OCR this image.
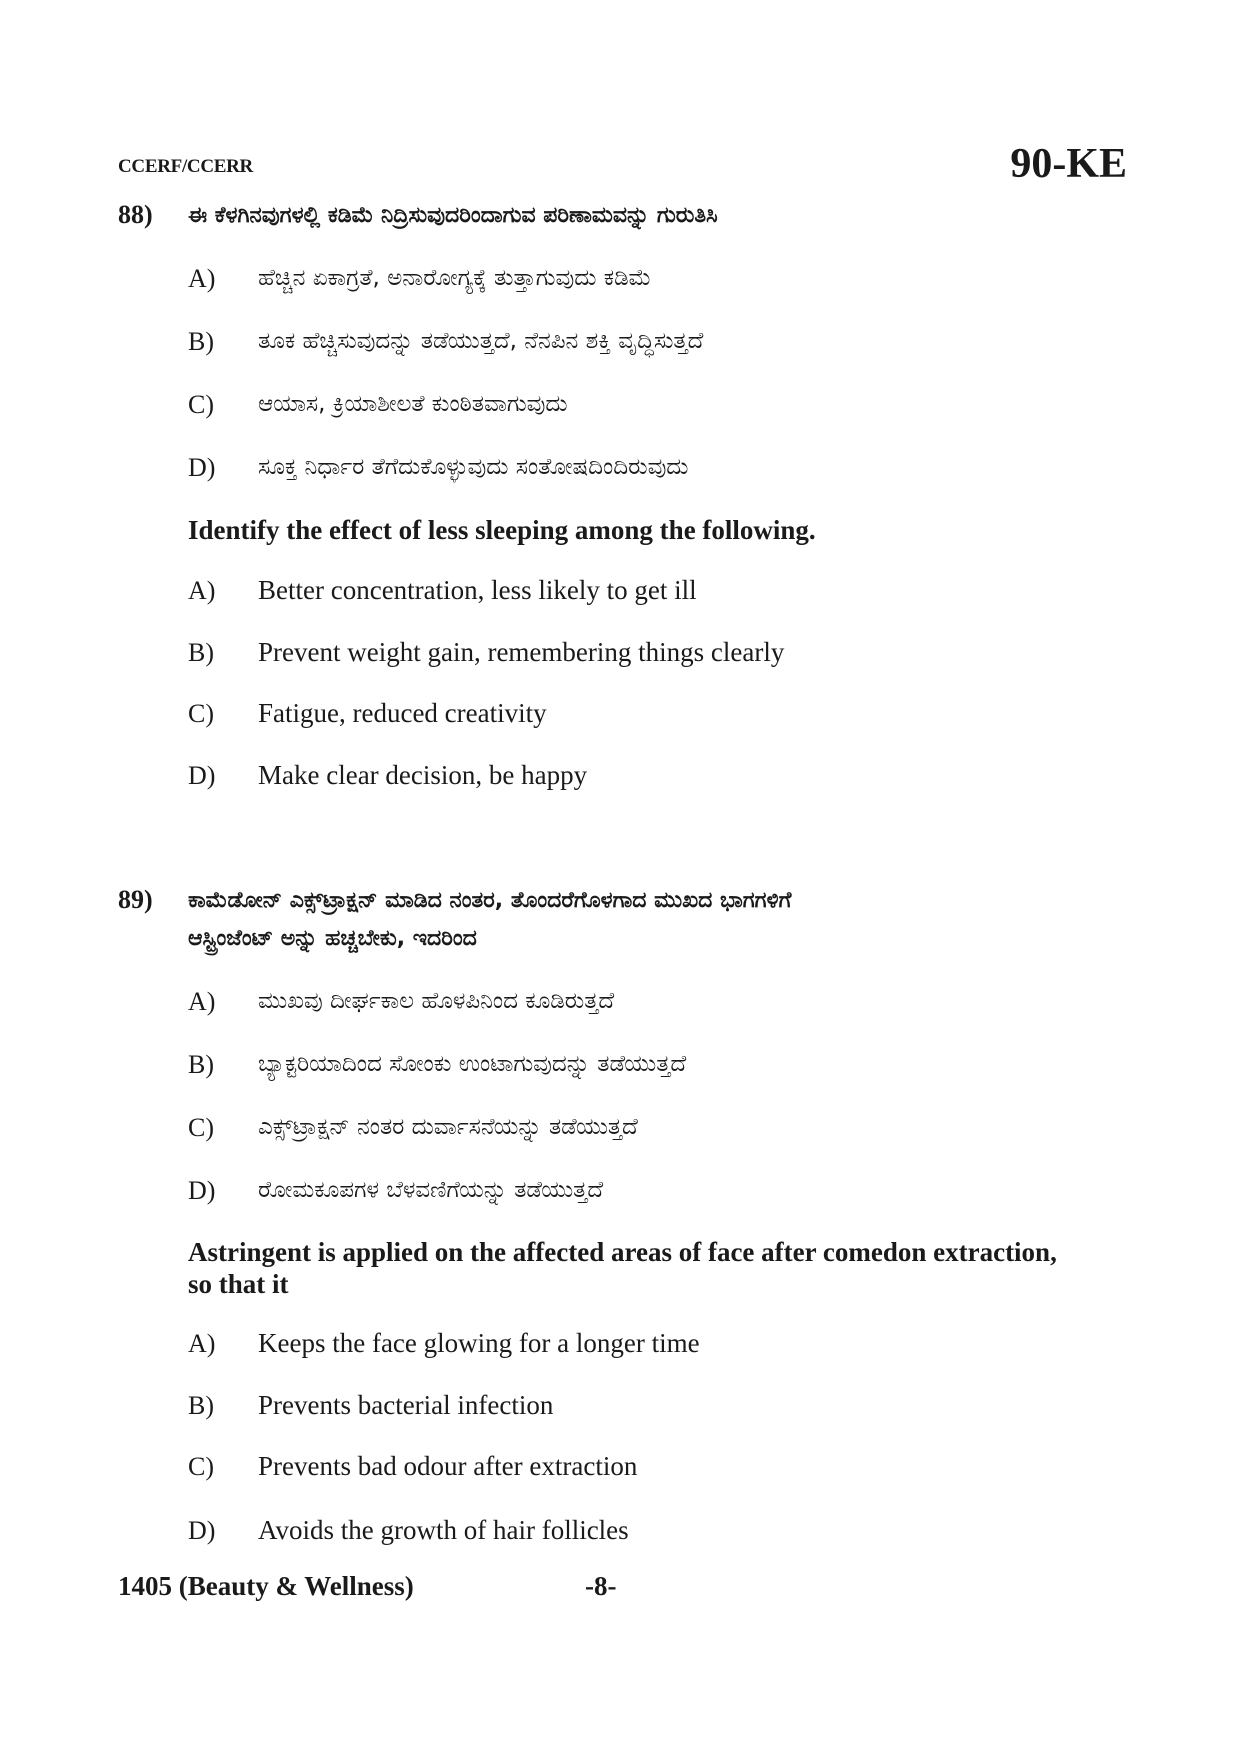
CCERF/CCERR	90-KE
88) ಈ ಕೆಳಗಿನವುಗಳಲ್ಲಿ ಕಡಿಮೆ ನಿದ್ರಿಸುವುದರಿಂದಾಗುವ ಪರಿಣಾಮವನ್ನು ಗುರುತಿಸಿ
A) ಹೆಚ್ಚಿನ ಏಕಾಗ್ರತೆ, ಅನಾರೋಗ್ಯಕ್ಕೆ ತುತ್ತಾಗುವುದು ಕಡಿಮೆ
B) ತೂಕ ಹೆಚ್ಚಿಸುವುದನ್ನು ತಡೆಯುತ್ತದೆ, ನೆನಪಿನ ಶಕ್ತಿ ವೃದ್ಧಿಸುತ್ತದೆ
C) ಆಯಾಸ, ಕ್ರಿಯಾಶೀಲತೆ ಕುಂಠಿತವಾಗುವುದು
D) ಸೂಕ್ತ ನಿರ್ಧಾರ ತೆಗೆದುಕೊಳ್ಳುವುದು ಸಂತೋಷದಿಂದಿರುವುದು
Identify the effect of less sleeping among the following.
A) Better concentration, less likely to get ill
B) Prevent weight gain, remembering things clearly
C) Fatigue, reduced creativity
D) Make clear decision, be happy
89) ಕಾಮೆಡೋನ್ ಎಕ್ಸ್‌ಟ್ರಾಕ್ಷನ್ ಮಾಡಿದ ನಂತರ, ತೊಂದರೆಗೊಳಗಾದ ಮುಖದ ಭಾಗಗಳಿಗೆ
ಆಸ್ಟ್ರಿಂಜೆಂಟ್ ಅನ್ನು ಹಚ್ಚಬೇಕು, ಇದರಿಂದ
A) ಮುಖವು ದೀರ್ಘಕಾಲ ಹೊಳಪಿನಿಂದ ಕೂಡಿರುತ್ತದೆ
B) ಬ್ಯಾಕ್ಟರಿಯಾದಿಂದ ಸೋಂಕು ಉಂಟಾಗುವುದನ್ನು ತಡೆಯುತ್ತದೆ
C) ಎಕ್ಸ್‌ಟ್ರಾಕ್ಷನ್ ನಂತರ ದುರ್ವಾಸನೆಯನ್ನು ತಡೆಯುತ್ತದೆ
D) ರೋಮಕೂಪಗಳ ಬೆಳವಣಿಗೆಯನ್ನು ತಡೆಯುತ್ತದೆ
Astringent is applied on the affected areas of face after comedon extraction,
so that it
A) Keeps the face glowing for a longer time
B) Prevents bacterial infection
C) Prevents bad odour after extraction
D) Avoids the growth of hair follicles
1405 (Beauty & Wellness)	-8-
